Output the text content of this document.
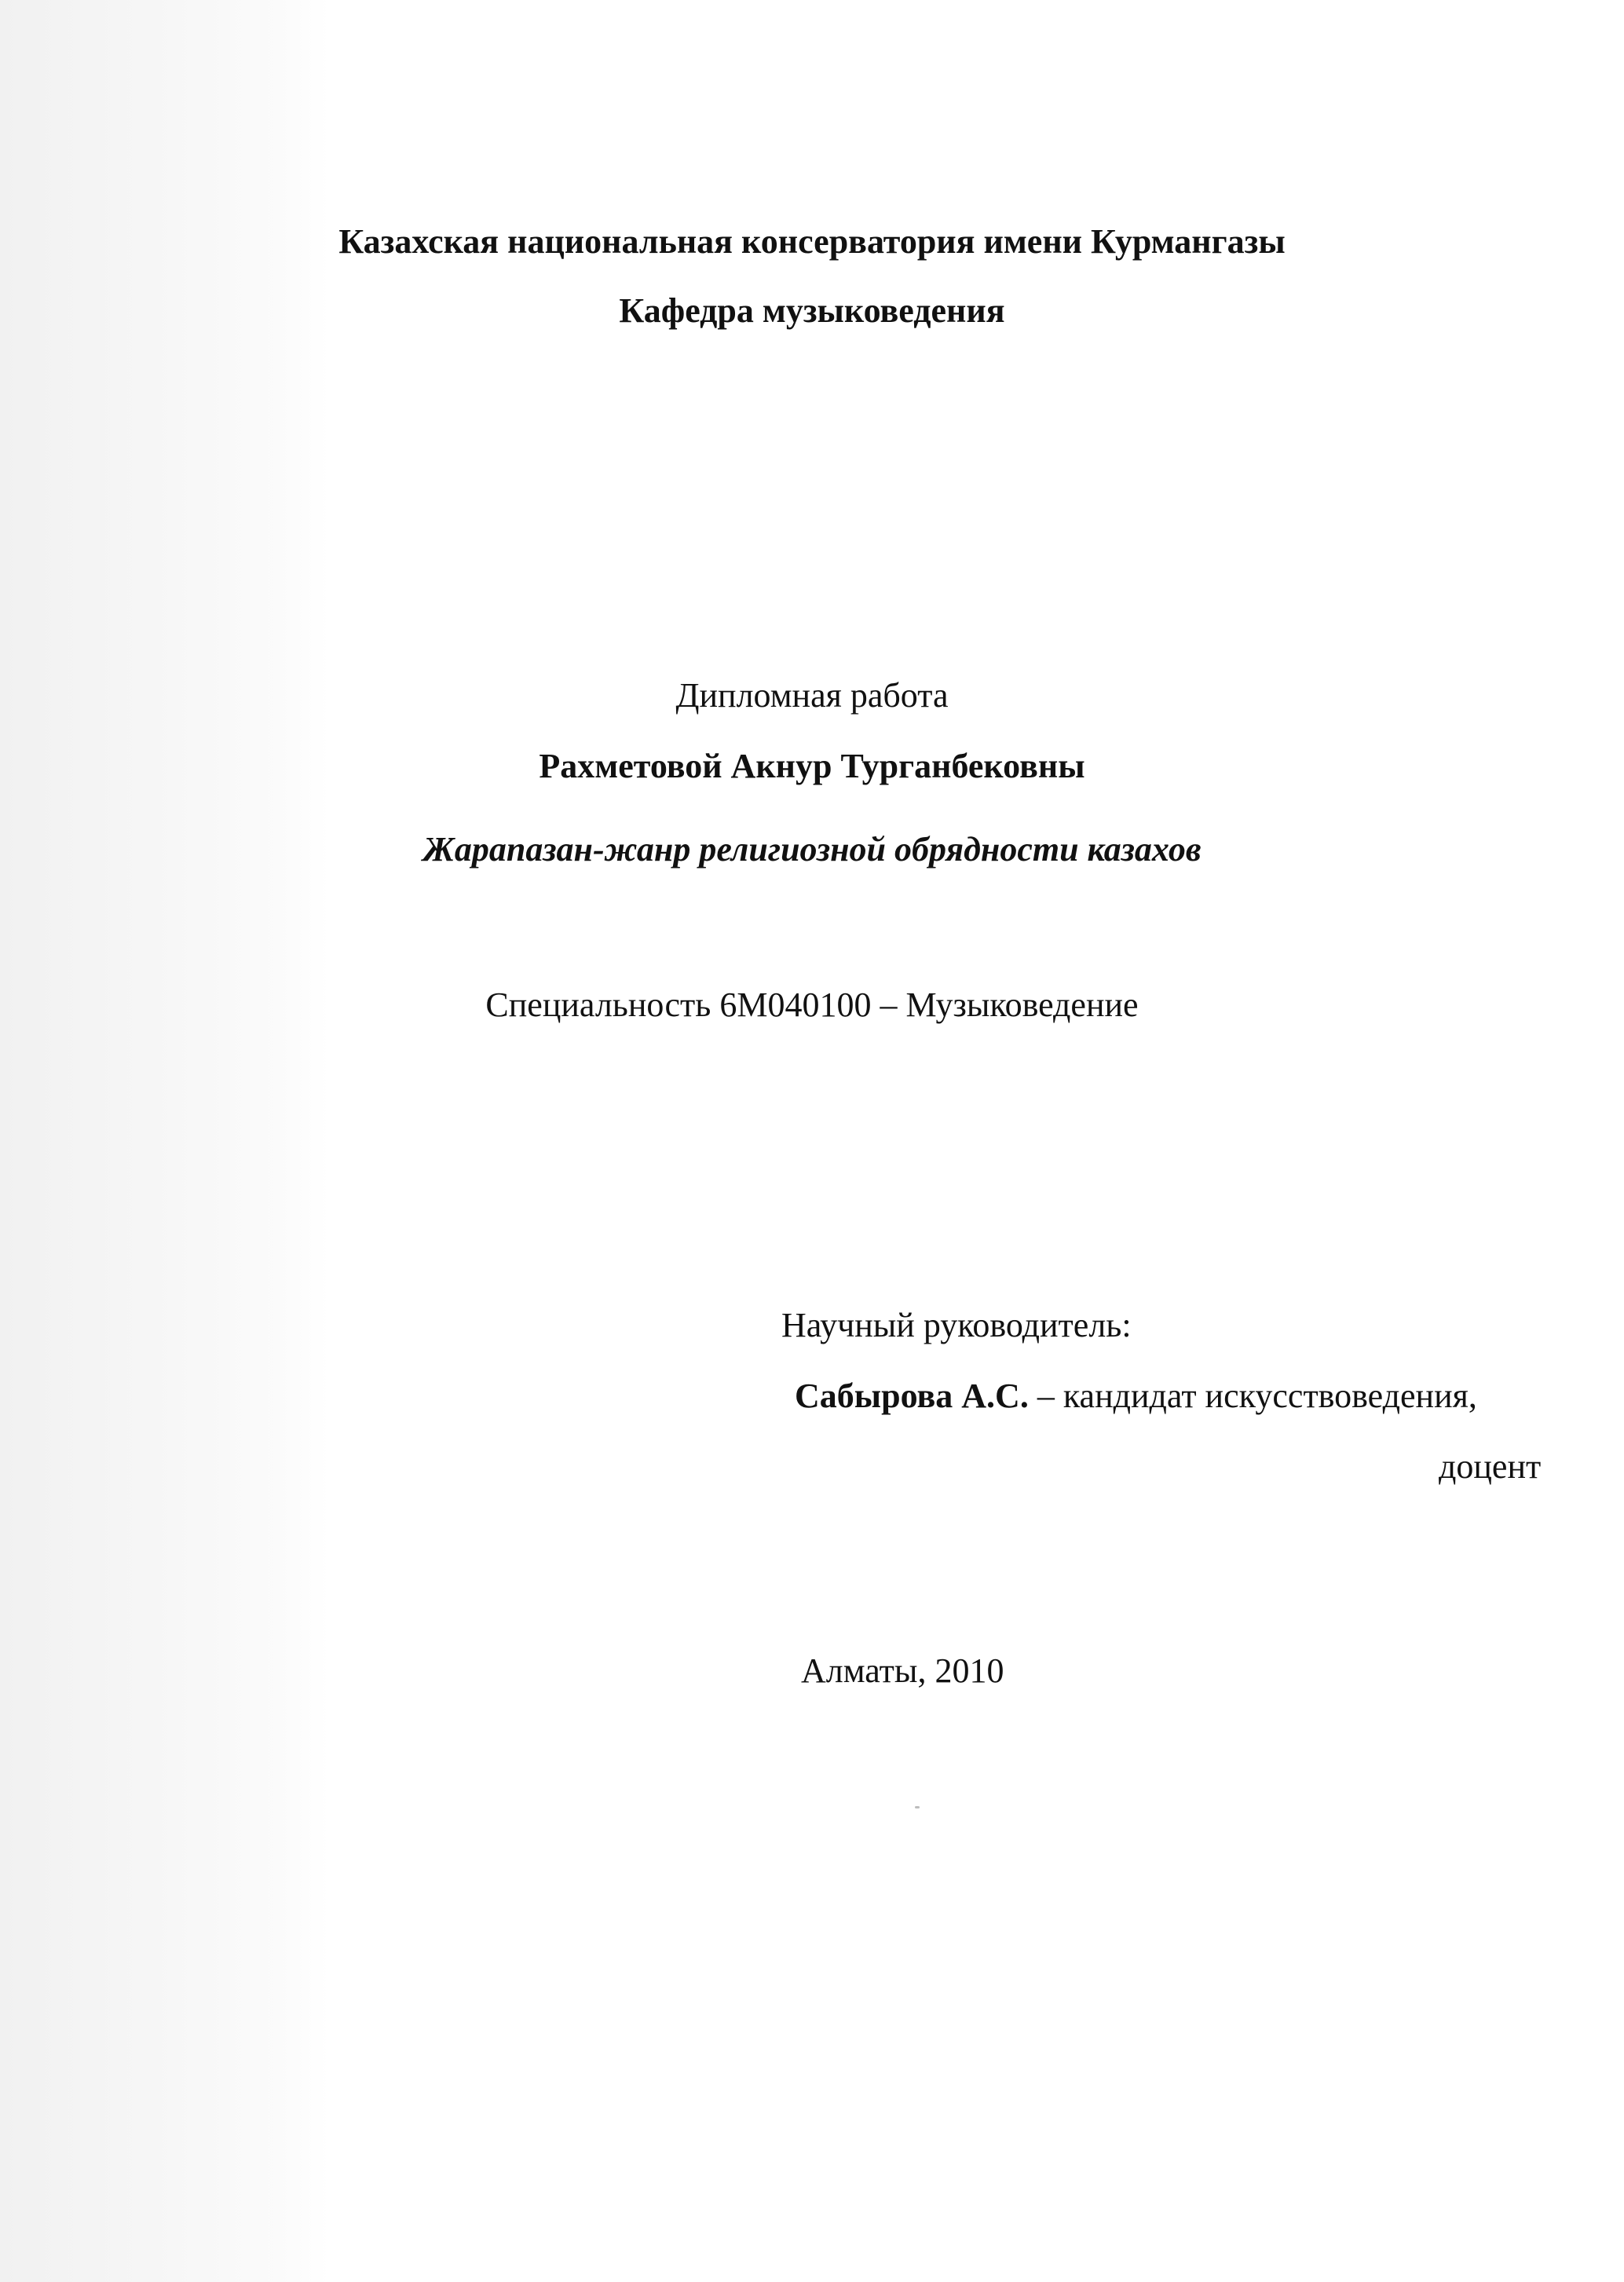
Казахская национальная консерватория имени Курмангазы
Кафедра музыковедения
Дипломная работа
Рахметовой Акнур Турганбековны
Жарапазан-жанр религиозной обрядности казахов
Специальность 6М040100 – Музыковедение
Научный руководитель:
Сабырова А.С. – кандидат искусствоведения,
доцент
Алматы, 2010
